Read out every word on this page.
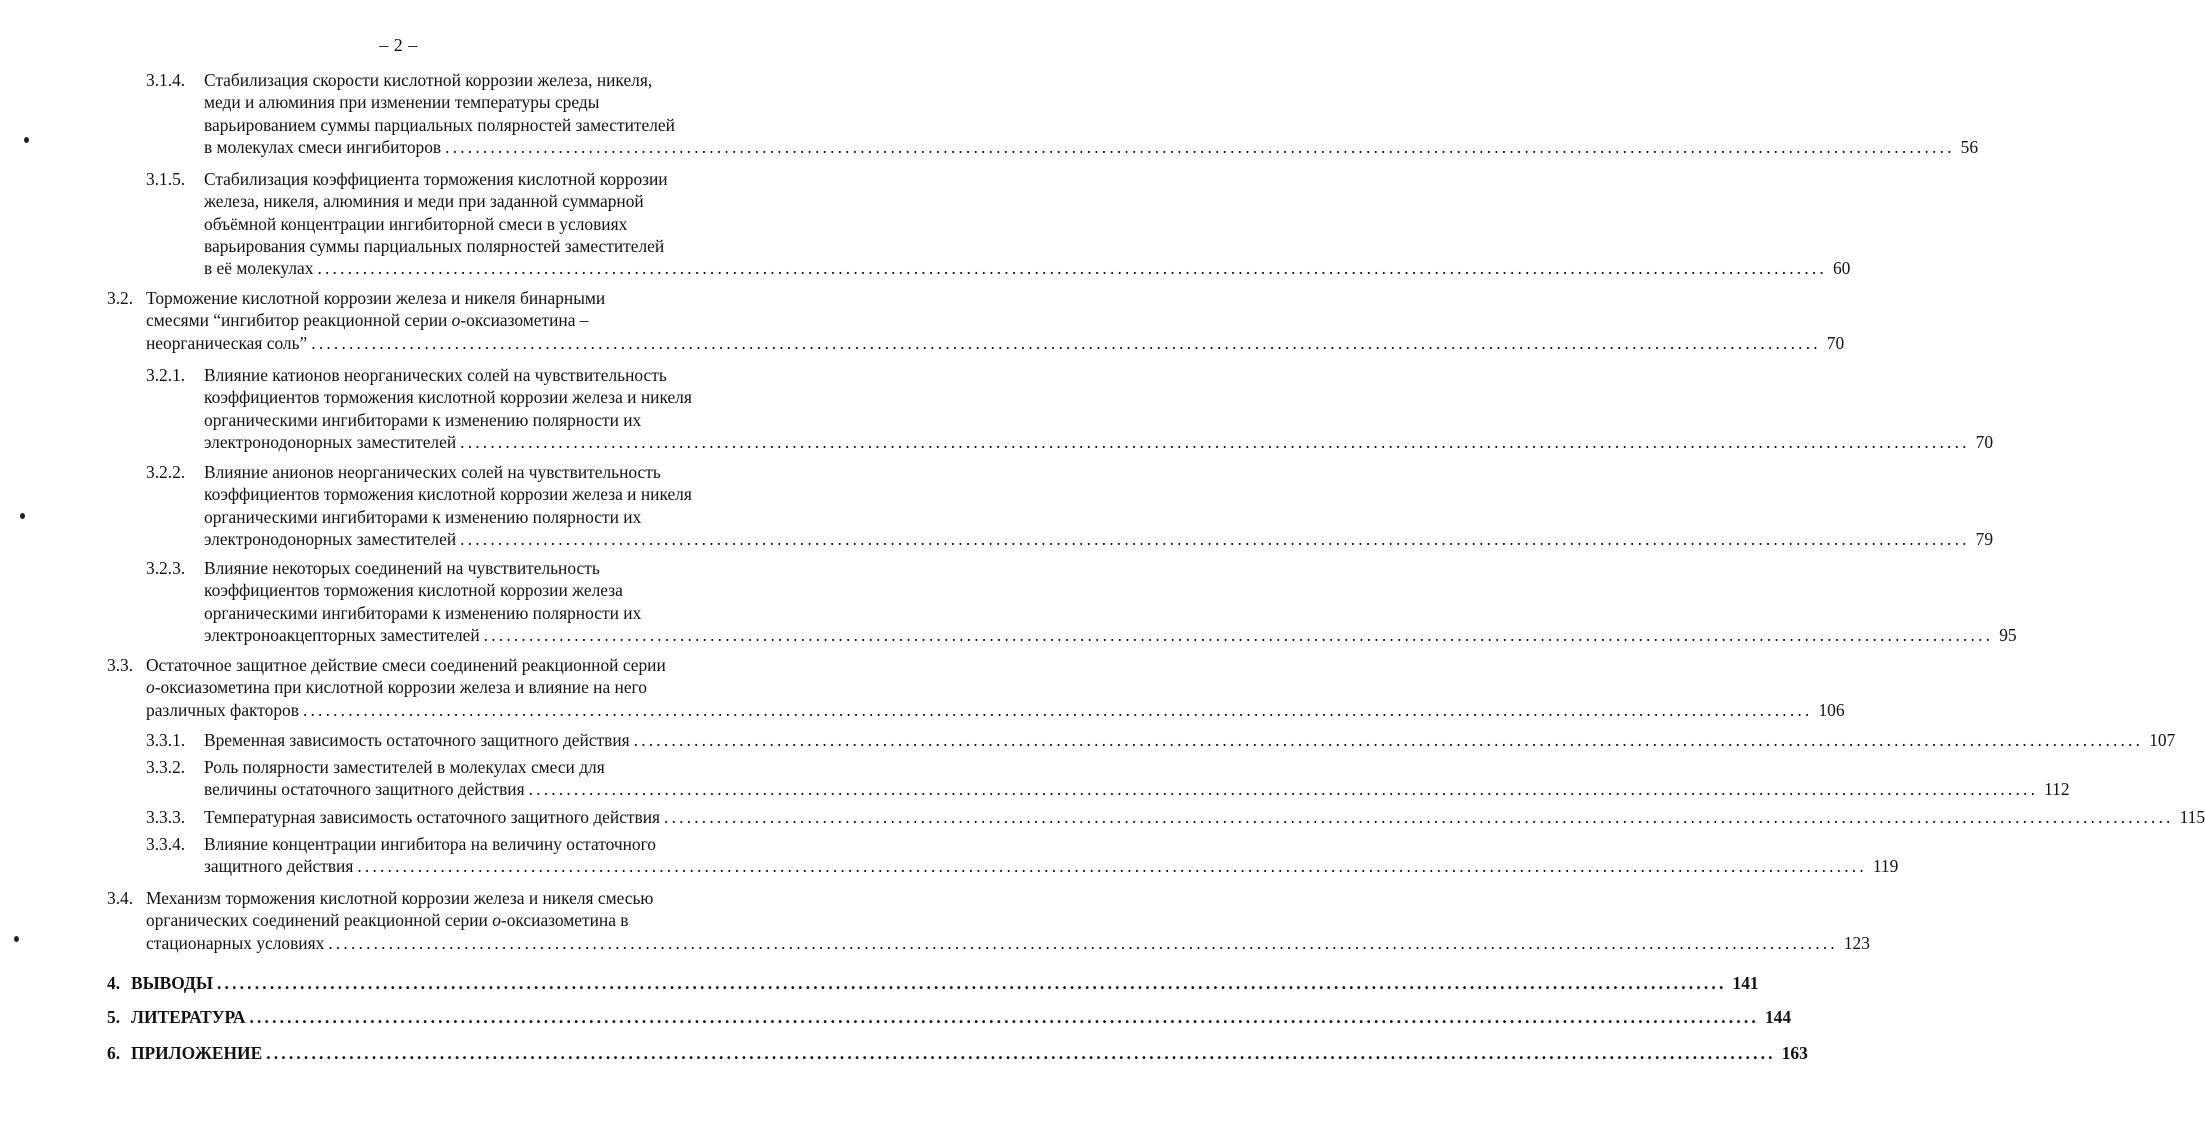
– 2 –
3.1.4. Стабилизация скорости кислотной коррозии железа, никеля,
меди и алюминия при изменении температуры среды
варьированием суммы парциальных полярностей заместителей
в молекулах смеси ингибиторов ........................................................................................................................................................................................................ 56
3.1.5. Стабилизация коэффициента торможения кислотной коррозии
железа, никеля, алюминия и меди при заданной суммарной
объёмной концентрации ингибиторной смеси в условиях
варьирования суммы парциальных полярностей заместителей
в её молекулах ........................................................................................................................................................................................................ 60
3.2. Торможение кислотной коррозии железа и никеля бинарными
смесями “ингибитор реакционной серии o-оксиазометина –
неорганическая соль” ........................................................................................................................................................................................................ 70
3.2.1. Влияние катионов неорганических солей на чувствительность
коэффициентов торможения кислотной коррозии железа и никеля
органическими ингибиторами к изменению полярности их
электронодонорных заместителей ........................................................................................................................................................................................................ 70
3.2.2. Влияние анионов неорганических солей на чувствительность
коэффициентов торможения кислотной коррозии железа и никеля
органическими ингибиторами к изменению полярности их
электронодонорных заместителей ........................................................................................................................................................................................................ 79
3.2.3. Влияние некоторых соединений на чувствительность
коэффициентов торможения кислотной коррозии железа
органическими ингибиторами к изменению полярности их
электроноакцепторных заместителей ........................................................................................................................................................................................................ 95
3.3. Остаточное защитное действие смеси соединений реакционной серии
o-оксиазометина при кислотной коррозии железа и влияние на него
различных факторов ........................................................................................................................................................................................................ 106
3.3.1. Временная зависимость остаточного защитного действия ........................................................................................................................................................................................................ 107
3.3.2. Роль полярности заместителей в молекулах смеси для
величины остаточного защитного действия ........................................................................................................................................................................................................ 112
3.3.3. Температурная зависимость остаточного защитного действия ........................................................................................................................................................................................................ 115
3.3.4. Влияние концентрации ингибитора на величину остаточного
защитного действия ........................................................................................................................................................................................................ 119
3.4. Механизм торможения кислотной коррозии железа и никеля смесью
органических соединений реакционной серии o-оксиазометина в
стационарных условиях ........................................................................................................................................................................................................ 123
4. ВЫВОДЫ ........................................................................................................................................................................................................ 141
5. ЛИТЕРАТУРА ........................................................................................................................................................................................................ 144
6. ПРИЛОЖЕНИЕ ........................................................................................................................................................................................................ 163
